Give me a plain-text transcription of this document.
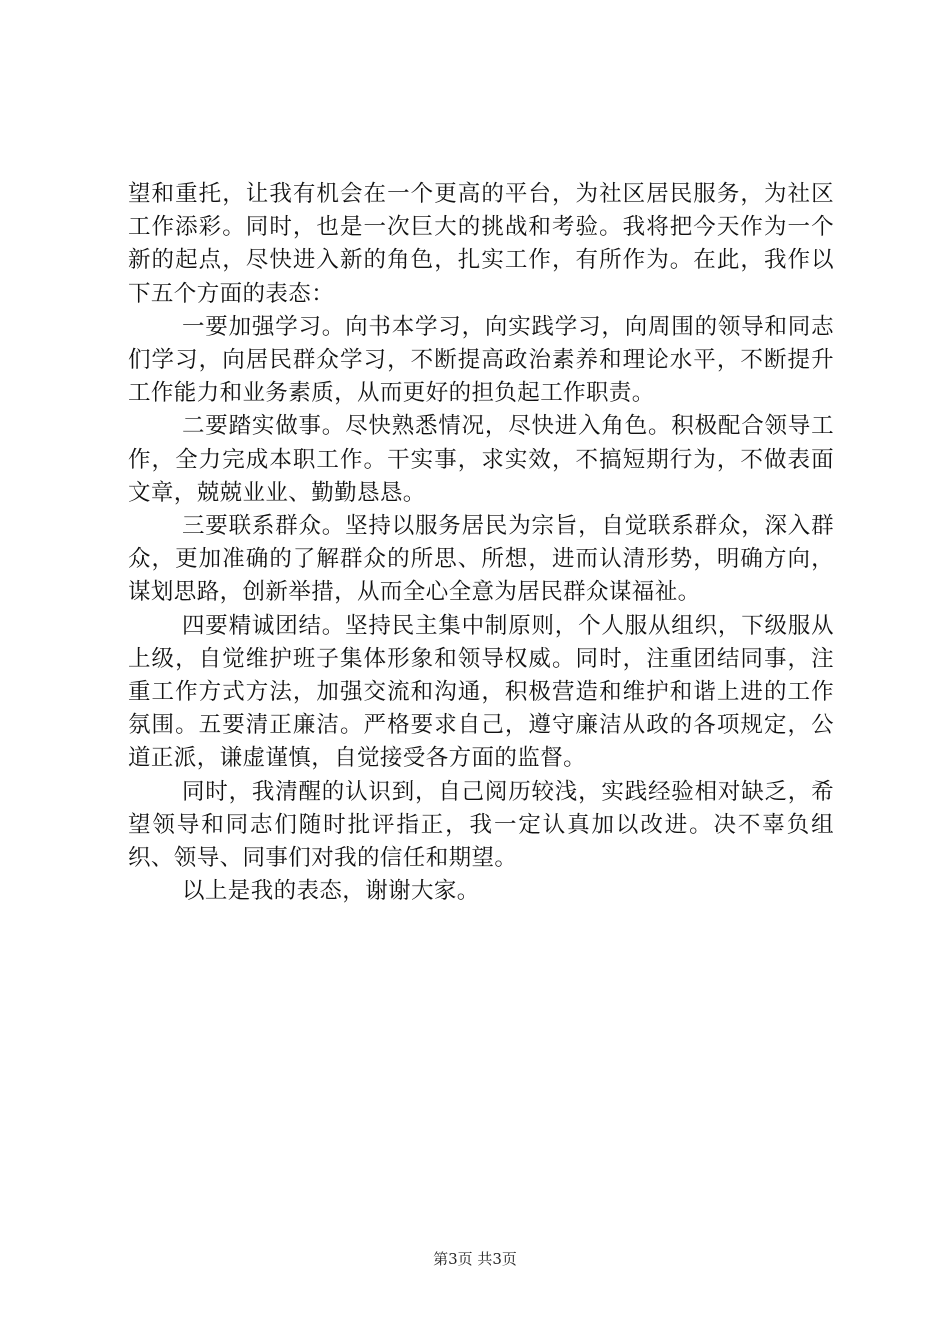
望和重托，让我有机会在一个更高的平台，为社区居民服务，为社区工作添彩。同时，也是一次巨大的挑战和考验。我将把今天作为一个新的起点，尽快进入新的角色，扎实工作，有所作为。在此，我作以下五个方面的表态：

一要加强学习。向书本学习，向实践学习，向周围的领导和同志们学习，向居民群众学习，不断提高政治素养和理论水平，不断提升工作能力和业务素质，从而更好的担负起工作职责。

二要踏实做事。尽快熟悉情况，尽快进入角色。积极配合领导工作，全力完成本职工作。干实事，求实效，不搞短期行为，不做表面文章，兢兢业业、勤勤恳恳。

三要联系群众。坚持以服务居民为宗旨，自觉联系群众，深入群众，更加准确的了解群众的所思、所想，进而认清形势，明确方向，谋划思路，创新举措，从而全心全意为居民群众谋福祉。

四要精诚团结。坚持民主集中制原则，个人服从组织，下级服从上级，自觉维护班子集体形象和领导权威。同时，注重团结同事，注重工作方式方法，加强交流和沟通，积极营造和维护和谐上进的工作氛围。五要清正廉洁。严格要求自己，遵守廉洁从政的各项规定，公道正派，谦虚谨慎，自觉接受各方面的监督。

同时，我清醒的认识到，自己阅历较浅，实践经验相对缺乏，希望领导和同志们随时批评指正，我一定认真加以改进。决不辜负组织、领导、同事们对我的信任和期望。

以上是我的表态，谢谢大家。

第3页 共3页
